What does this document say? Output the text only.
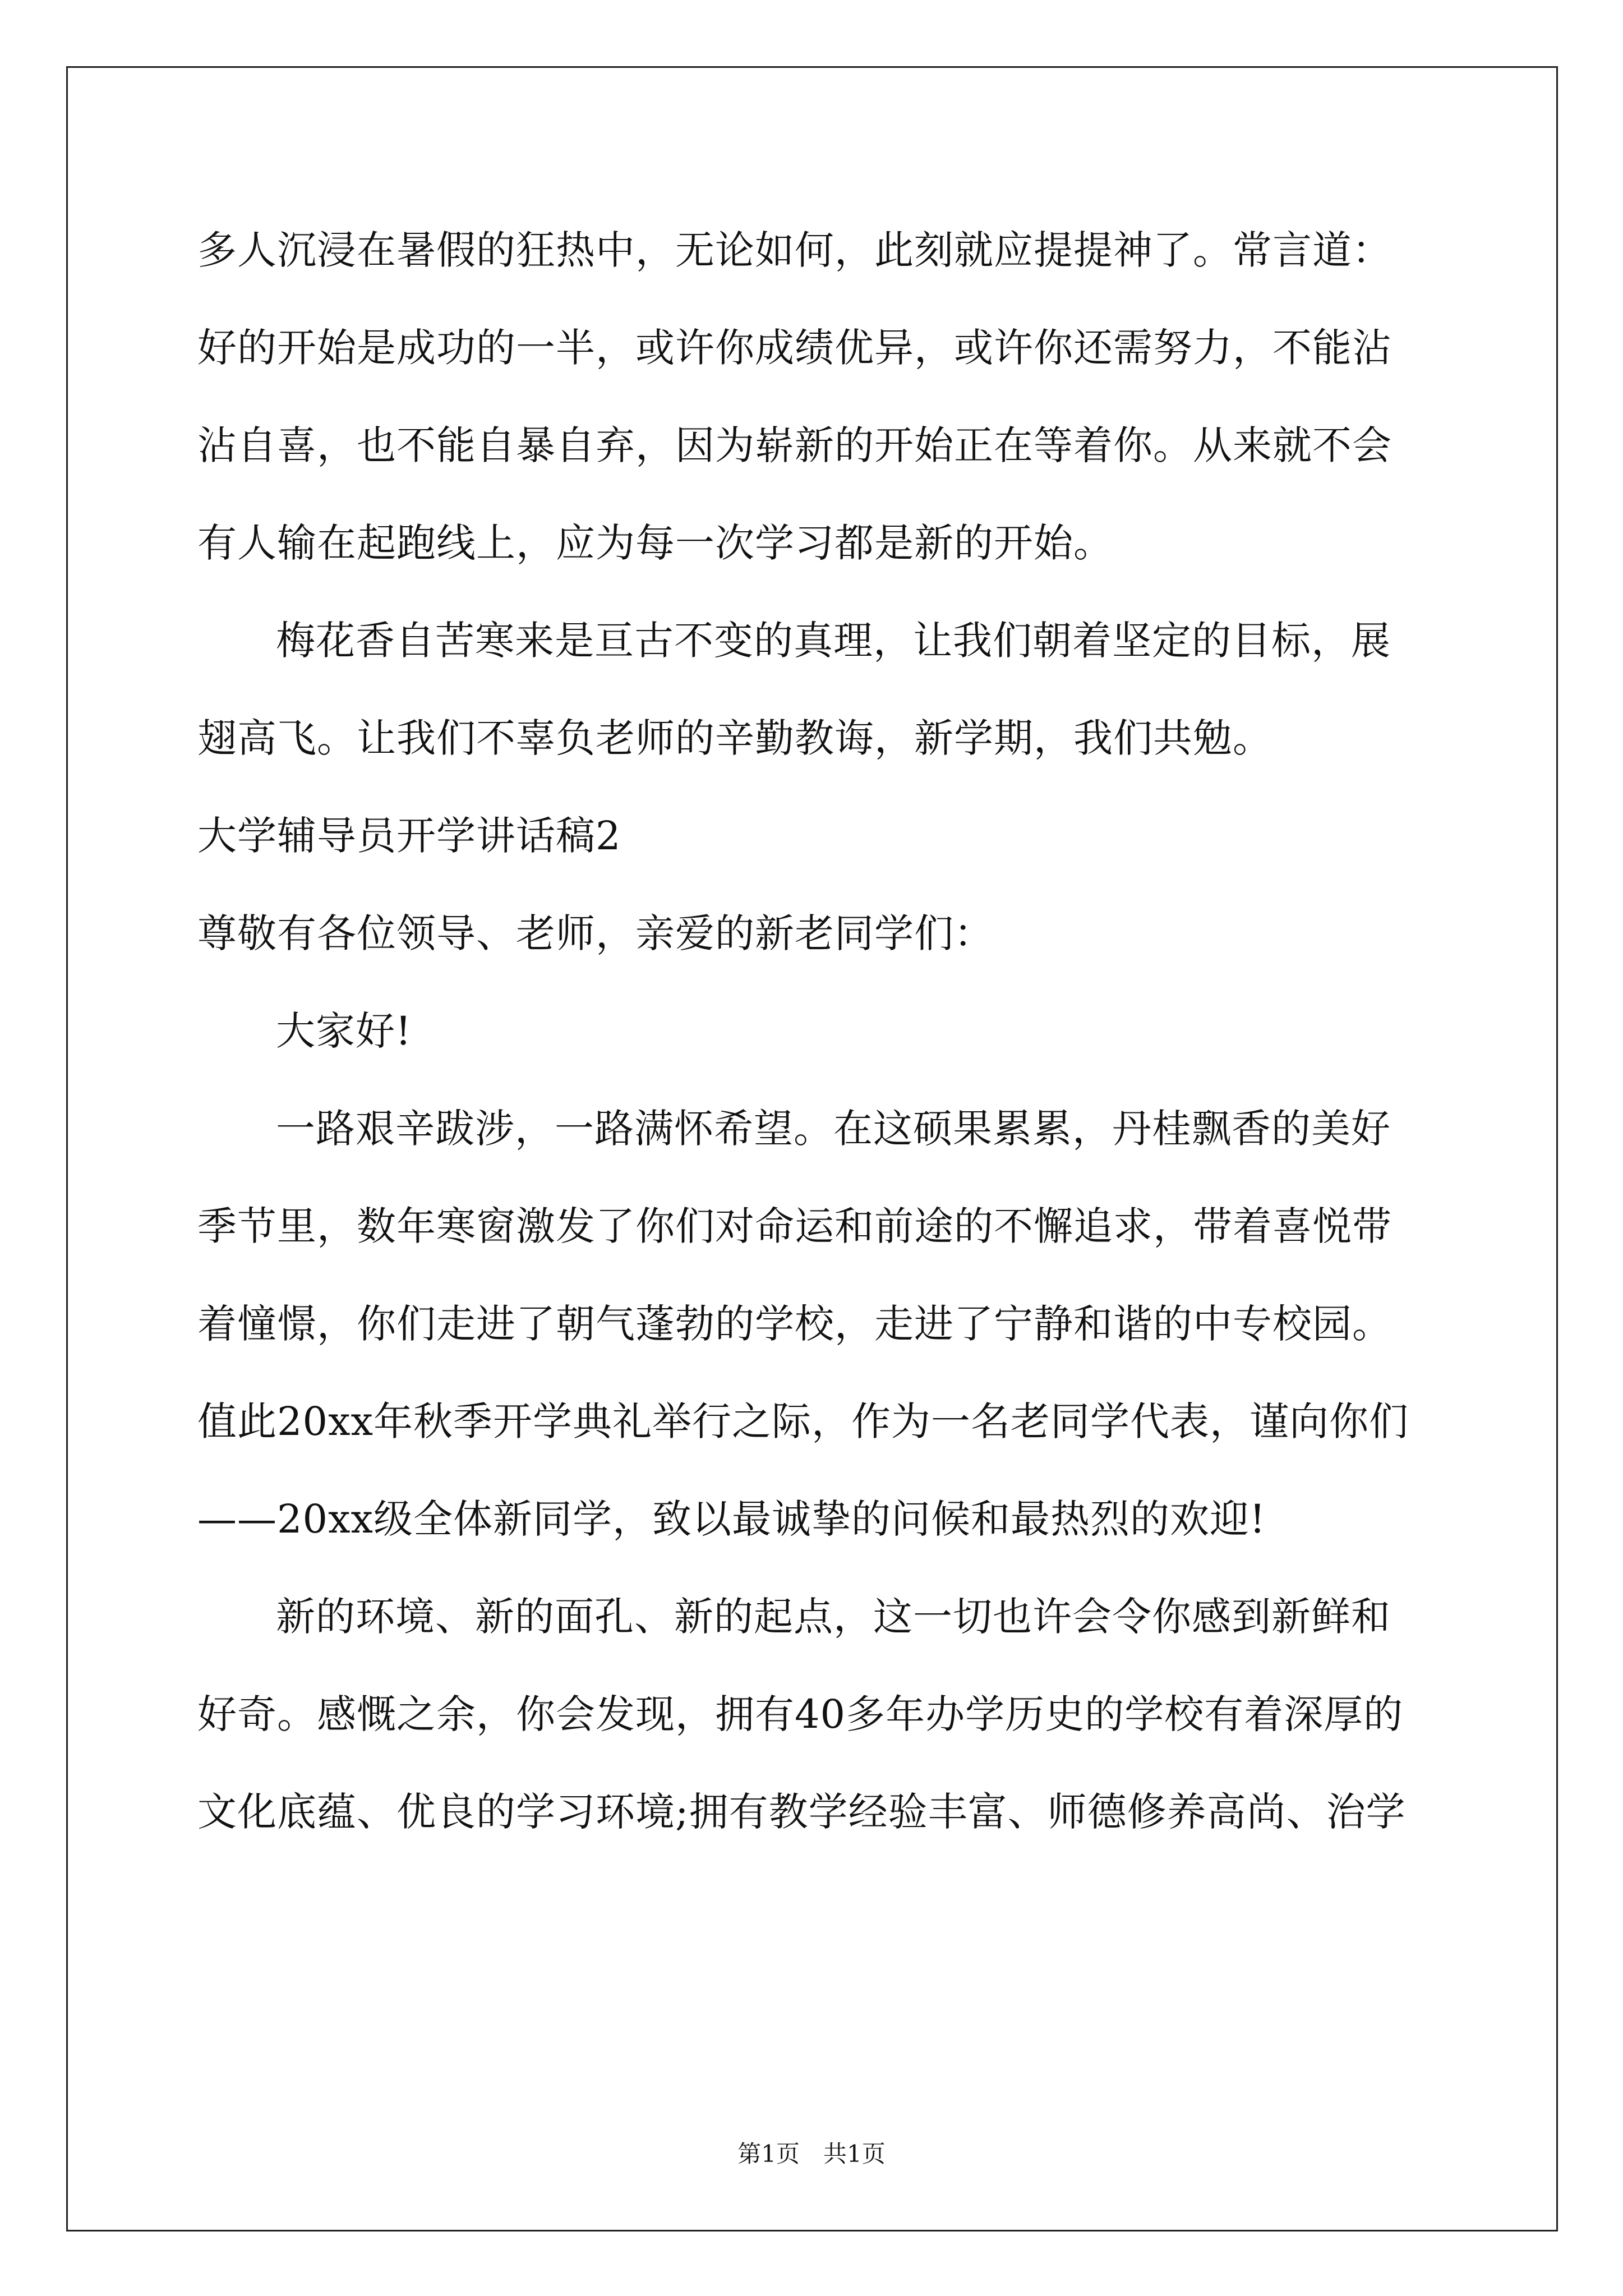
多人沉浸在暑假的狂热中，无论如何，此刻就应提提神了。常言道：
好的开始是成功的一半，或许你成绩优异，或许你还需努力，不能沾
沾自喜，也不能自暴自弃，因为崭新的开始正在等着你。从来就不会
有人输在起跑线上，应为每一次学习都是新的开始。
梅花香自苦寒来是亘古不变的真理，让我们朝着坚定的目标，展
翅高飞。让我们不辜负老师的辛勤教诲，新学期，我们共勉。
大学辅导员开学讲话稿2
尊敬有各位领导、老师，亲爱的新老同学们：
大家好!
一路艰辛跋涉，一路满怀希望。在这硕果累累，丹桂飘香的美好
季节里，数年寒窗激发了你们对命运和前途的不懈追求，带着喜悦带
着憧憬，你们走进了朝气蓬勃的学校，走进了宁静和谐的中专校园。
值此20xx年秋季开学典礼举行之际，作为一名老同学代表，谨向你们
——20xx级全体新同学，致以最诚挚的问候和最热烈的欢迎!
新的环境、新的面孔、新的起点，这一切也许会令你感到新鲜和
好奇。感慨之余，你会发现，拥有40多年办学历史的学校有着深厚的
文化底蕴、优良的学习环境;拥有教学经验丰富、师德修养高尚、治学
第1页　共1页
